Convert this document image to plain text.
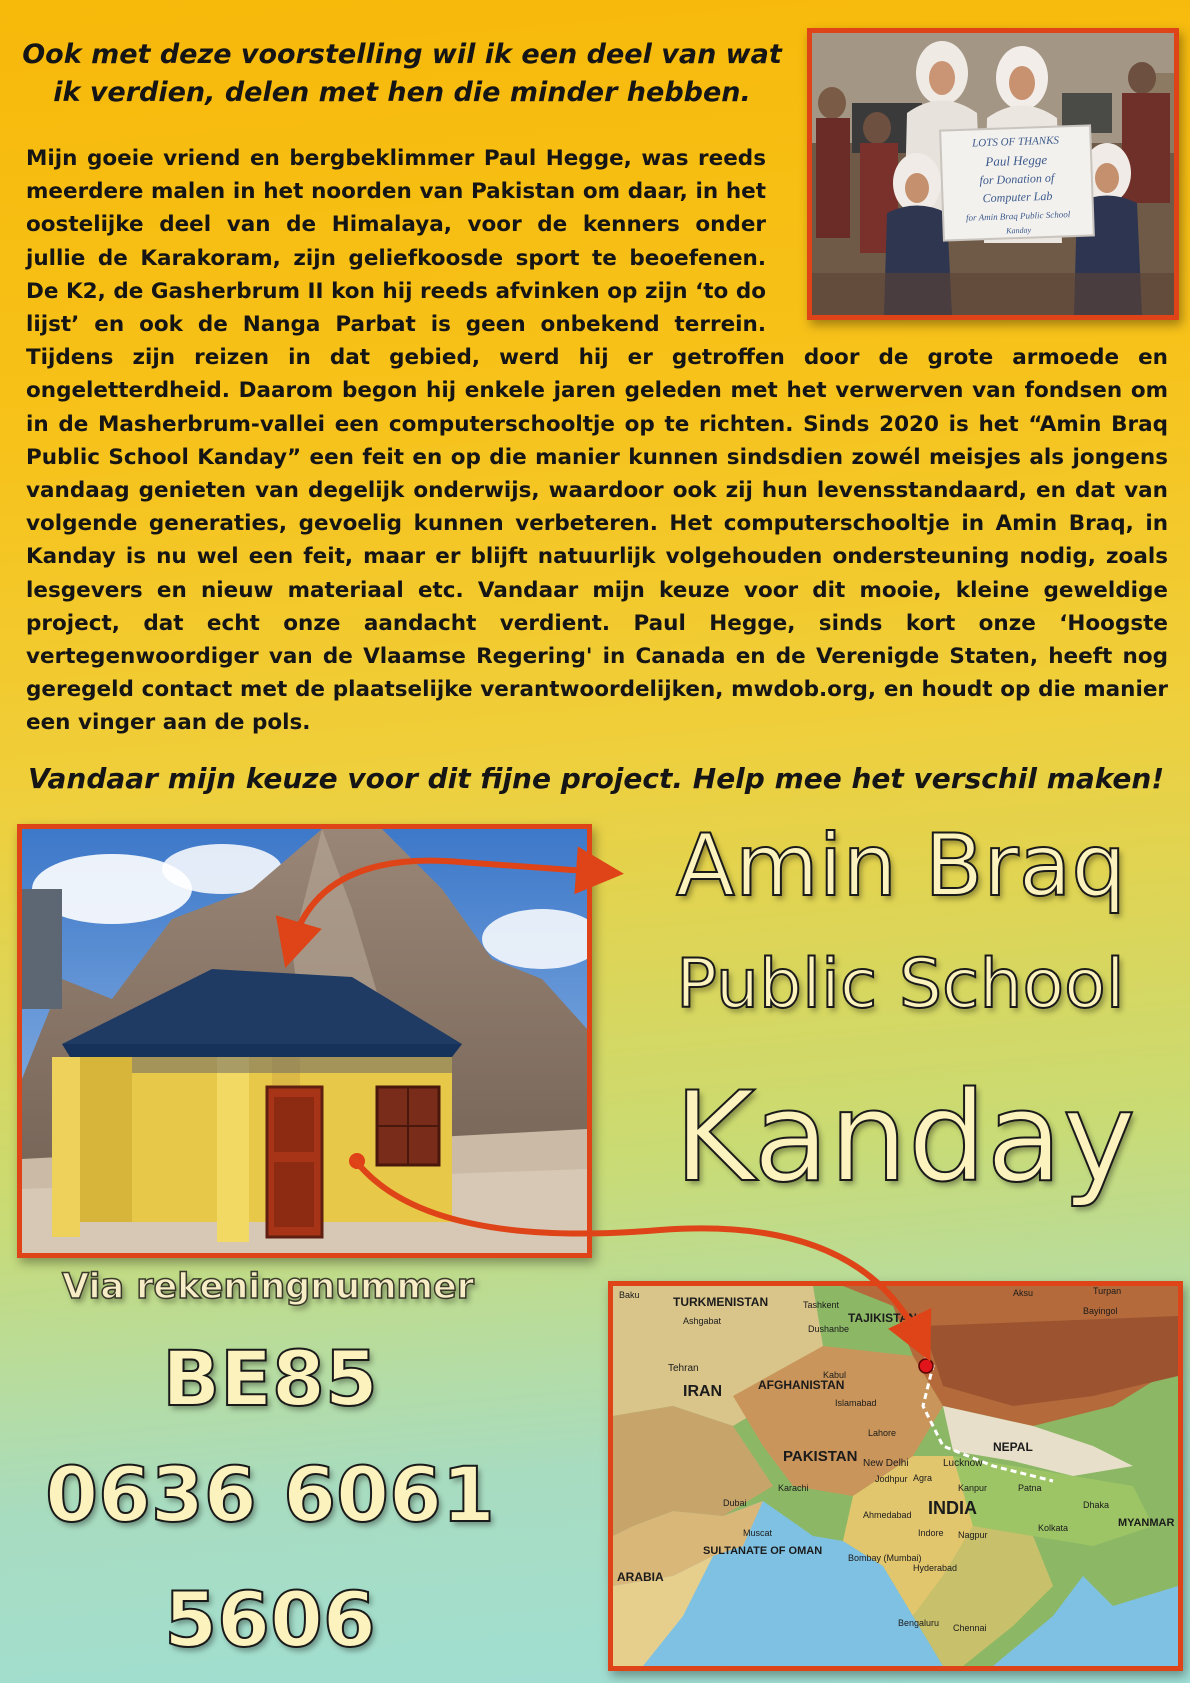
Ook met deze voorstelling wil ik een deel van wat ik verdien, delen met hen die minder hebben.
LOTS OF THANKS
Paul Hegge
for Donation of
Computer Lab
for Amin Braq Public School
Kanday

Mijn goeie vriend en bergbeklimmer Paul Hegge, was reeds meerdere malen in het noorden van Pakistan om daar, in het oostelijke deel van de Himalaya, voor de kenners onder jullie de Karakoram, zijn geliefkoosde sport te beoefenen. De K2, de Gasherbrum II kon hij reeds afvinken op zijn ‘to do lijst’ en ook de Nanga Parbat is geen onbekend terrein. Tijdens zijn reizen in dat gebied, werd hij er getroffen door de grote armoede en ongeletterdheid. Daarom begon hij enkele jaren geleden met het verwerven van fondsen om in de Masherbrum-vallei een computerschooltje op te richten. Sinds 2020 is het “Amin Braq Public School Kanday” een feit en op die manier kunnen sindsdien zowél meisjes als jongens vandaag genieten van degelijk onderwijs, waardoor ook zij hun levensstandaard, en dat van volgende generaties, gevoelig kunnen verbeteren. Het computerschooltje in Amin Braq, in Kanday is nu wel een feit, maar er blijft natuurlijk volgehouden ondersteuning nodig, zoals lesgevers en nieuw materiaal etc. Vandaar mijn keuze voor dit mooie, kleine geweldige project, dat echt onze aandacht verdient. Paul Hegge, sinds kort onze ‘Hoogste vertegenwoordiger van de Vlaamse Regering' in Canada en de Verenigde Staten, heeft nog geregeld contact met de plaatselijke verantwoordelijken, mwdob.org, en houdt op die manier een vinger aan de pols.

Vandaar mijn keuze voor dit fijne project. Help mee het verschil maken!

Amin Braq

Public School

Kanday

Via rekeningnummer

BE85

0636 6061

5606

Baku	TURKMENISTAN
Ashgabat
Tashkent
TAJIKISTAN
Dushanbe
Aksu	Turpan
Bayingol
Tehran
IRAN	AFGHANISTAN
Kabul
Islamabad
Lahore
PAKISTAN
Karachi
New Delhi	Lucknow
Agra
Jodhpur
NEPAL
Kanpur	Patna
Dhaka
INDIA
Ahmedabad
Indore Nagpur
Kolkata	MYANMAR
Bombay (Mumbai)
Hyderabad
Bengaluru Chennai
Dubai
Muscat
SULTANATE OF OMAN
ARABIA
